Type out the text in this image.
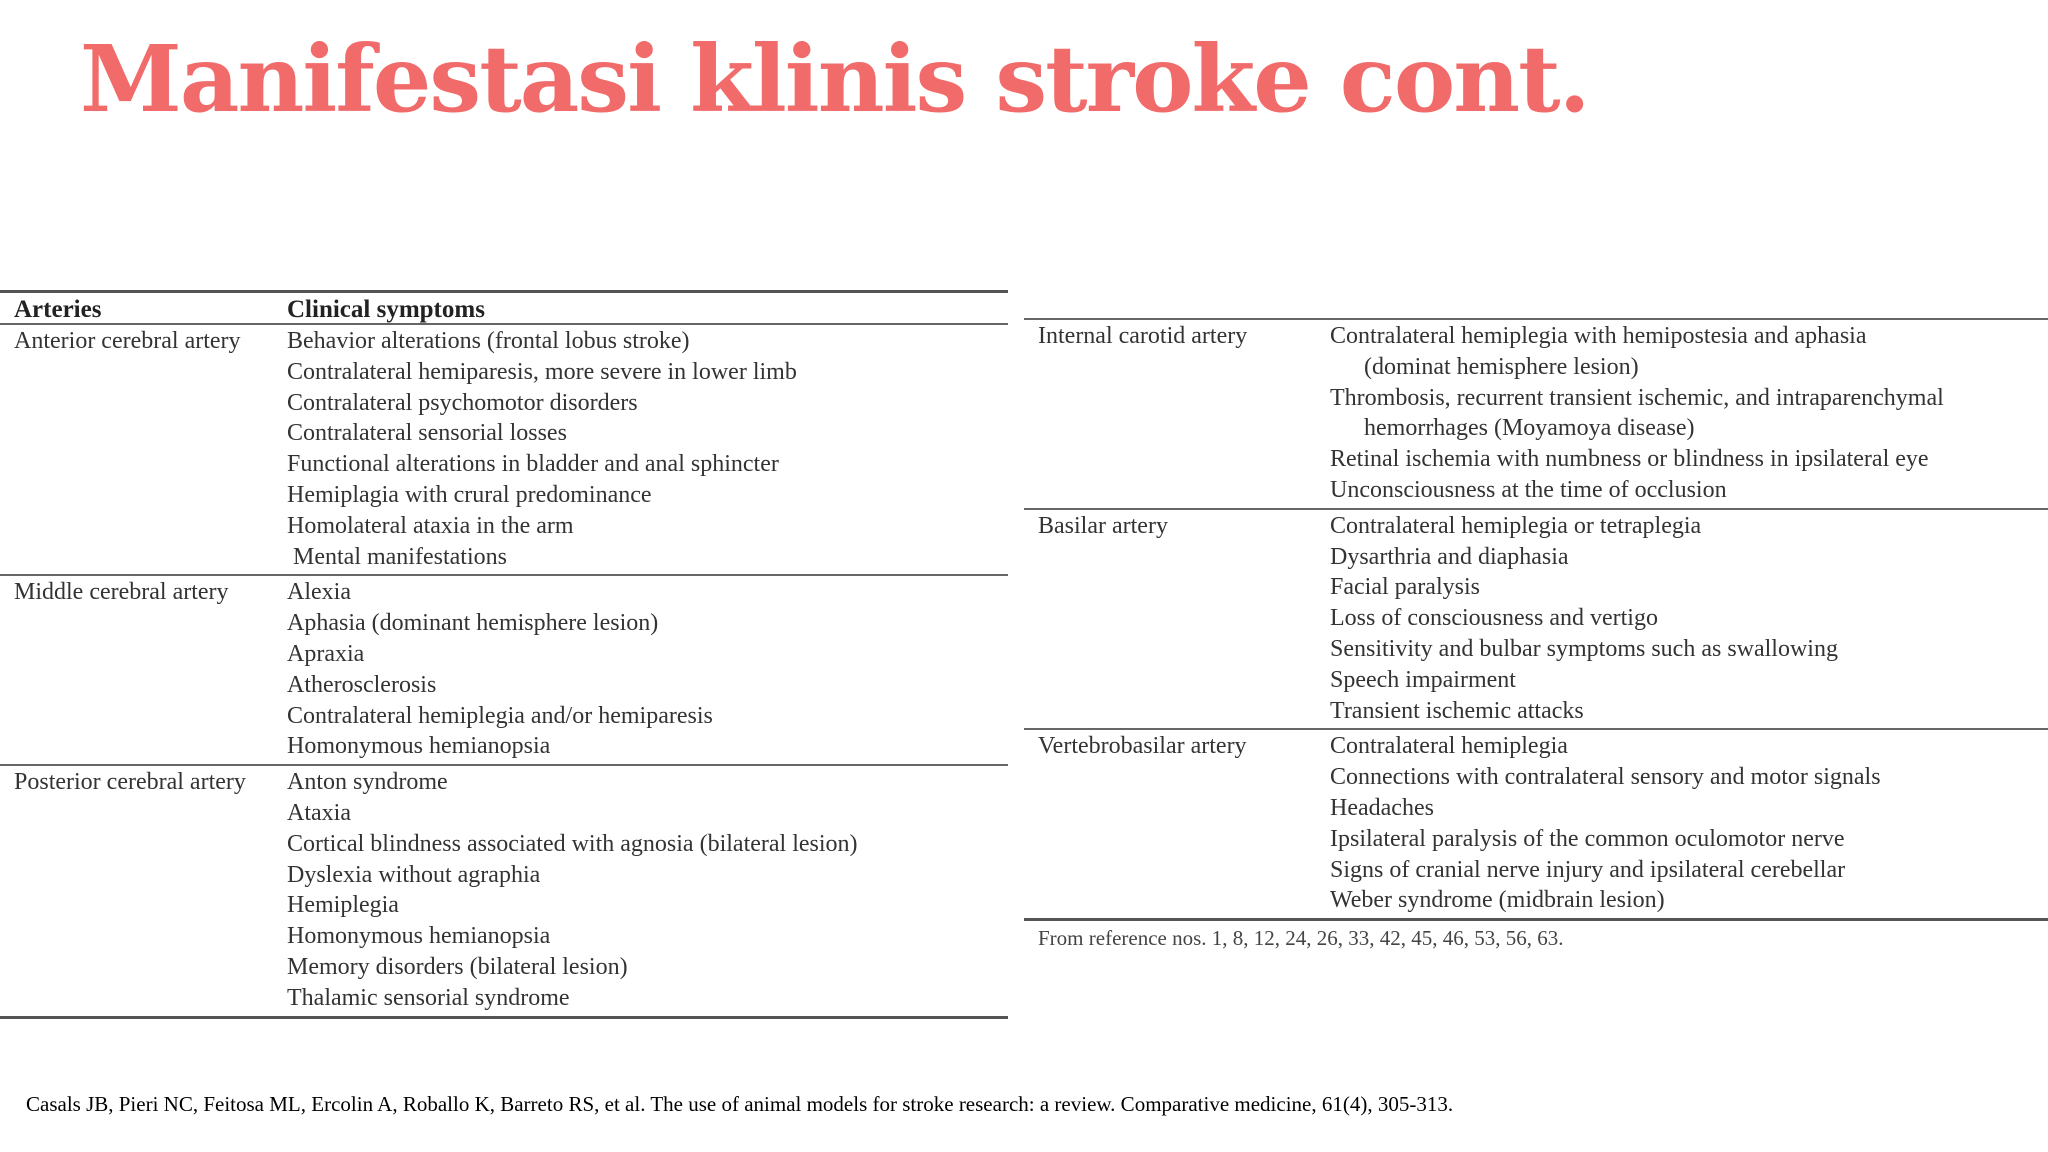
Manifestasi klinis stroke cont.
Arteries	Clinical symptoms
Anterior cerebral artery	Behavior alterations (frontal lobus stroke)
Contralateral hemiparesis, more severe in lower limb
Contralateral psychomotor disorders
Contralateral sensorial losses
Functional alterations in bladder and anal sphincter
Hemiplagia with crural predominance
Homolateral ataxia in the arm
Mental manifestations
Middle cerebral artery	Alexia
Aphasia (dominant hemisphere lesion)
Apraxia
Atherosclerosis
Contralateral hemiplegia and/or hemiparesis
Homonymous hemianopsia
Posterior cerebral artery	Anton syndrome
Ataxia
Cortical blindness associated with agnosia (bilateral lesion)
Dyslexia without agraphia
Hemiplegia
Homonymous hemianopsia
Memory disorders (bilateral lesion)
Thalamic sensorial syndrome
Internal carotid artery	Contralateral hemiplegia with hemipostesia and aphasia
(dominat hemisphere lesion)
Thrombosis, recurrent transient ischemic, and intraparenchymal
hemorrhages (Moyamoya disease)
Retinal ischemia with numbness or blindness in ipsilateral eye
Unconsciousness at the time of occlusion
Basilar artery	Contralateral hemiplegia or tetraplegia
Dysarthria and diaphasia
Facial paralysis
Loss of consciousness and vertigo
Sensitivity and bulbar symptoms such as swallowing
Speech impairment
Transient ischemic attacks
Vertebrobasilar artery	Contralateral hemiplegia
Connections with contralateral sensory and motor signals
Headaches
Ipsilateral paralysis of the common oculomotor nerve
Signs of cranial nerve injury and ipsilateral cerebellar
Weber syndrome (midbrain lesion)
From reference nos. 1, 8, 12, 24, 26, 33, 42, 45, 46, 53, 56, 63.

Casals JB, Pieri NC, Feitosa ML, Ercolin A, Roballo K, Barreto RS, et al. The use of animal models for stroke research: a review. Comparative medicine, 61(4), 305-313.
